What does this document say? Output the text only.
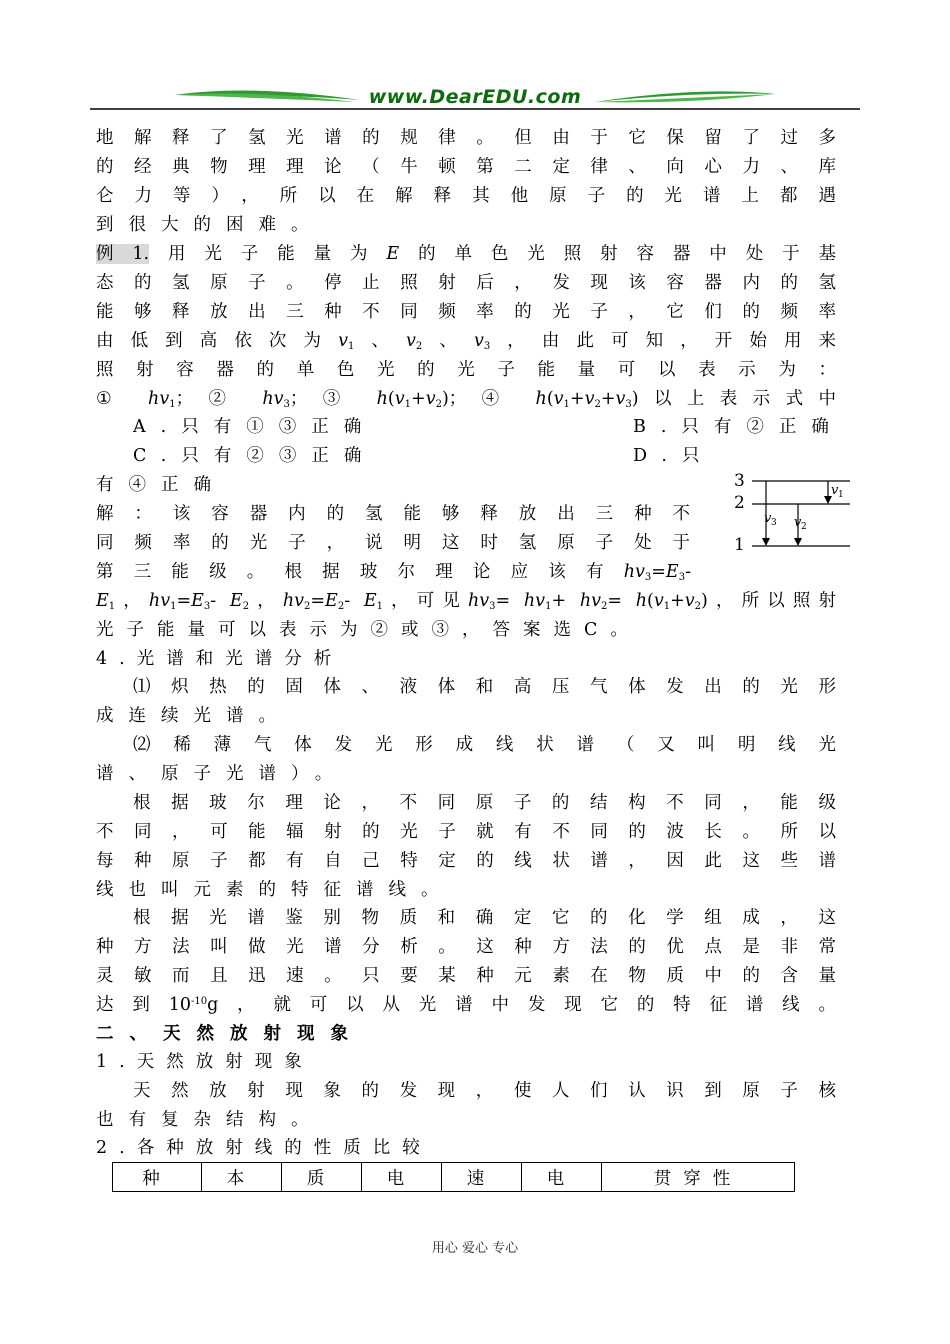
www.DearEDU.com
地解释了氢光谱的规律。但由于它保留了过多
的经典物理理论（牛顿第二定律、向心力、库
仑力等），所以在解释其他原子的光谱上都遇
到很大的困难。
例1.用光子能量为E的单色光照射容器中处于基
态的氢原子。停止照射后，发现该容器内的氢
能够释放出三种不同频率的光子，它们的频率
由低到高依次为$v_1$、$v_2$、$v_3$，由此可知，开始用来
照射容器的单色光的光子能量可以表示为：
① $hv_1$；② $hv_3$；③ $h(v_1+v_2)$；④ $h(v_1+v_2+v_3)$以上表示式中
A.只有①③正确	B.只有②正确
C.只有②③正确	D.只
有④正确	3
2
1
v 1
v 3 v 2
解：该容器内的氢能够释放出三种不
同频率的光子，说明这时氢原子处于
第三能级。根据玻尔理论应该有$hv_3=E_3-$
$E_1$，$hv_1=E_3-$ $E_2$，$hv_2=E_2-$ $E_1$，可见$hv_3= hv_1+ hv_2= h(v_1+v_2)$，所以照射
光子能量可以表示为②或③，答案选C。
4.光谱和光谱分析
⑴炽热的固体、液体和高压气体发出的光形
成连续光谱。
⑵稀薄气体发光形成线状谱（又叫明线光
谱、原子光谱）。
根据玻尔理论，不同原子的结构不同，能级
不同，可能辐射的光子就有不同的波长。所以
每种原子都有自己特定的线状谱，因此这些谱
线也叫元素的特征谱线。
根据光谱鉴别物质和确定它的化学组成，这
种方法叫做光谱分析。这种方法的优点是非常
灵敏而且迅速。只要某种元素在物质中的含量
达到$10^{-10}g$，就可以从光谱中发现它的特征谱线。
二、天然放射现象
1.天然放射现象
天然放射现象的发现，使人们认识到原子核
也有复杂结构。
2.各种放射线的性质比较
种	本	质	电	速	电	贯穿性
用心 爱心 专心
